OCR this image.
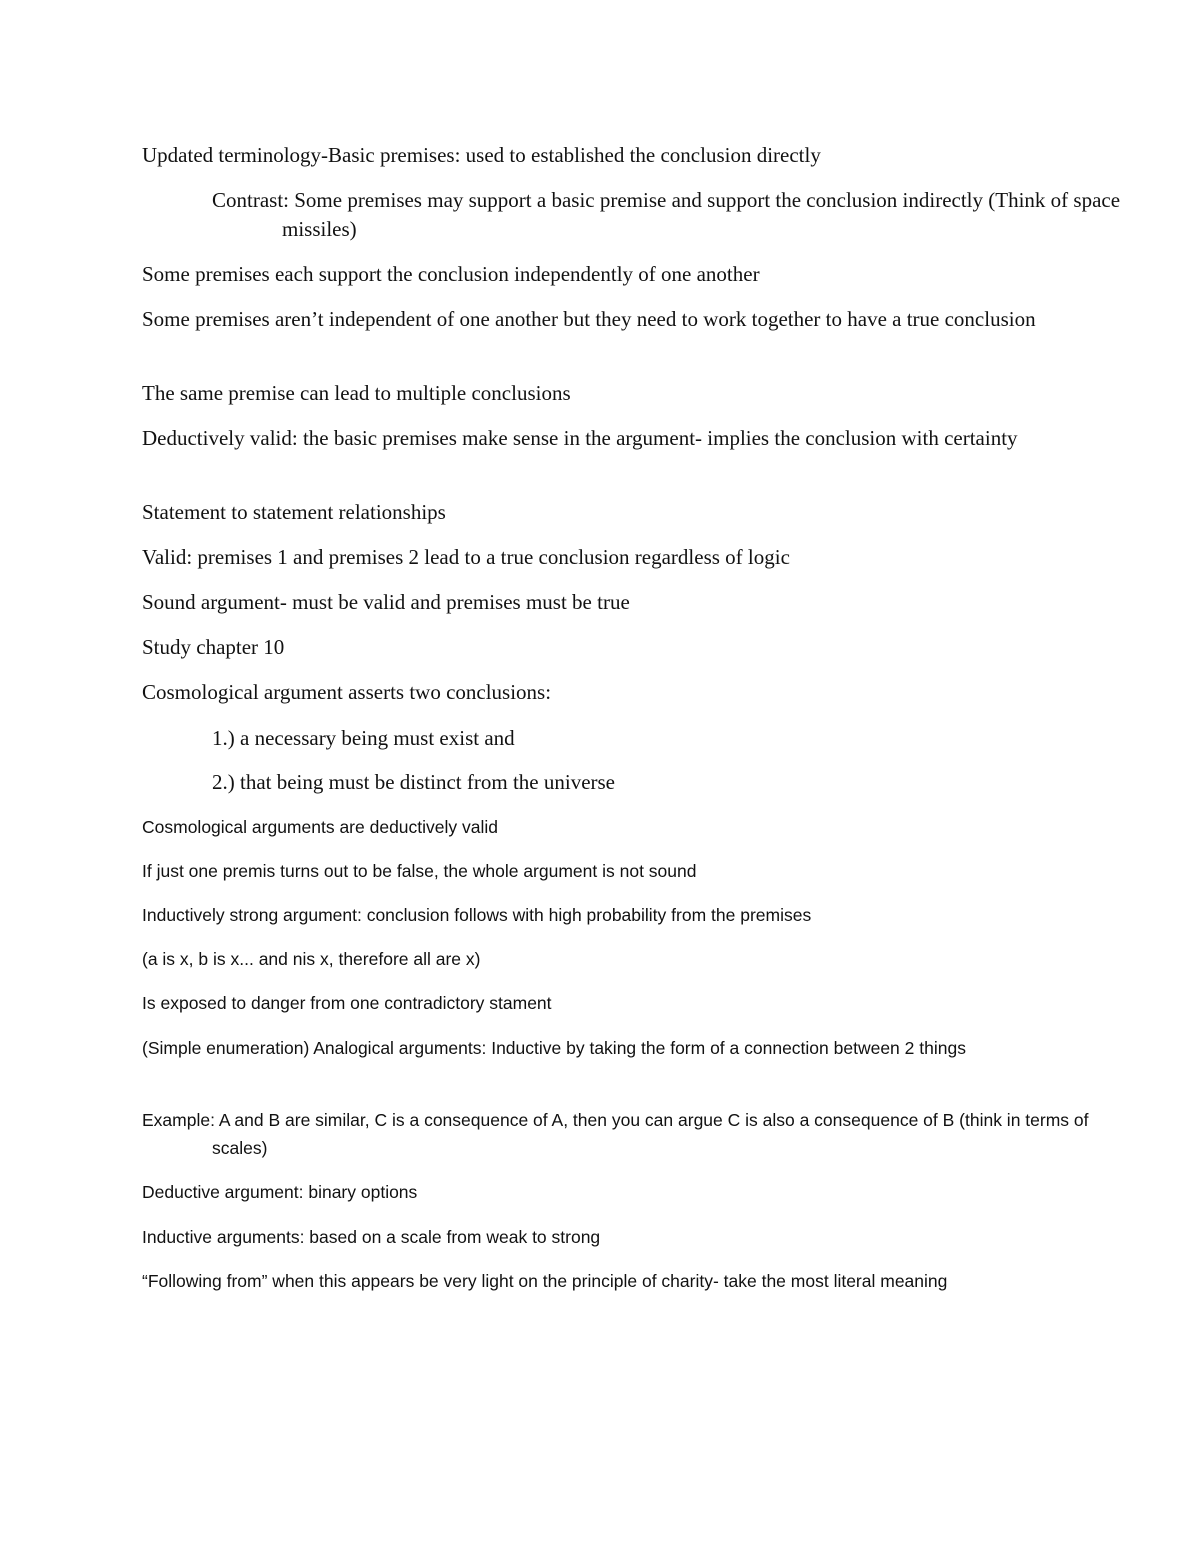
Updated terminology-Basic premises: used to established the conclusion directly

Contrast: Some premises may support a basic premise and support the conclusion indirectly (Think of space missiles)

Some premises each support the conclusion independently of one another

Some premises aren’t independent of one another but they need to work together to have a true conclusion

The same premise can lead to multiple conclusions

Deductively valid: the basic premises make sense in the argument- implies the conclusion with certainty

Statement to statement relationships

Valid: premises 1 and premises 2 lead to a true conclusion regardless of logic

Sound argument- must be valid and premises must be true

Study chapter 10

Cosmological argument asserts two conclusions:

1.) a necessary being must exist and

2.) that being must be distinct from the universe

Cosmological arguments are deductively valid

If just one premis turns out to be false, the whole argument is not sound

Inductively strong argument: conclusion follows with high probability from the premises

(a is x, b is x... and nis x, therefore all are x)

Is exposed to danger from one contradictory stament

(Simple enumeration) Analogical arguments: Inductive by taking the form of a connection between 2 things

Example: A and B are similar, C is a consequence of A, then you can argue C is also a consequence of B (think in terms of scales)

Deductive argument: binary options

Inductive arguments: based on a scale from weak to strong

“Following from” when this appears be very light on the principle of charity- take the most literal meaning
